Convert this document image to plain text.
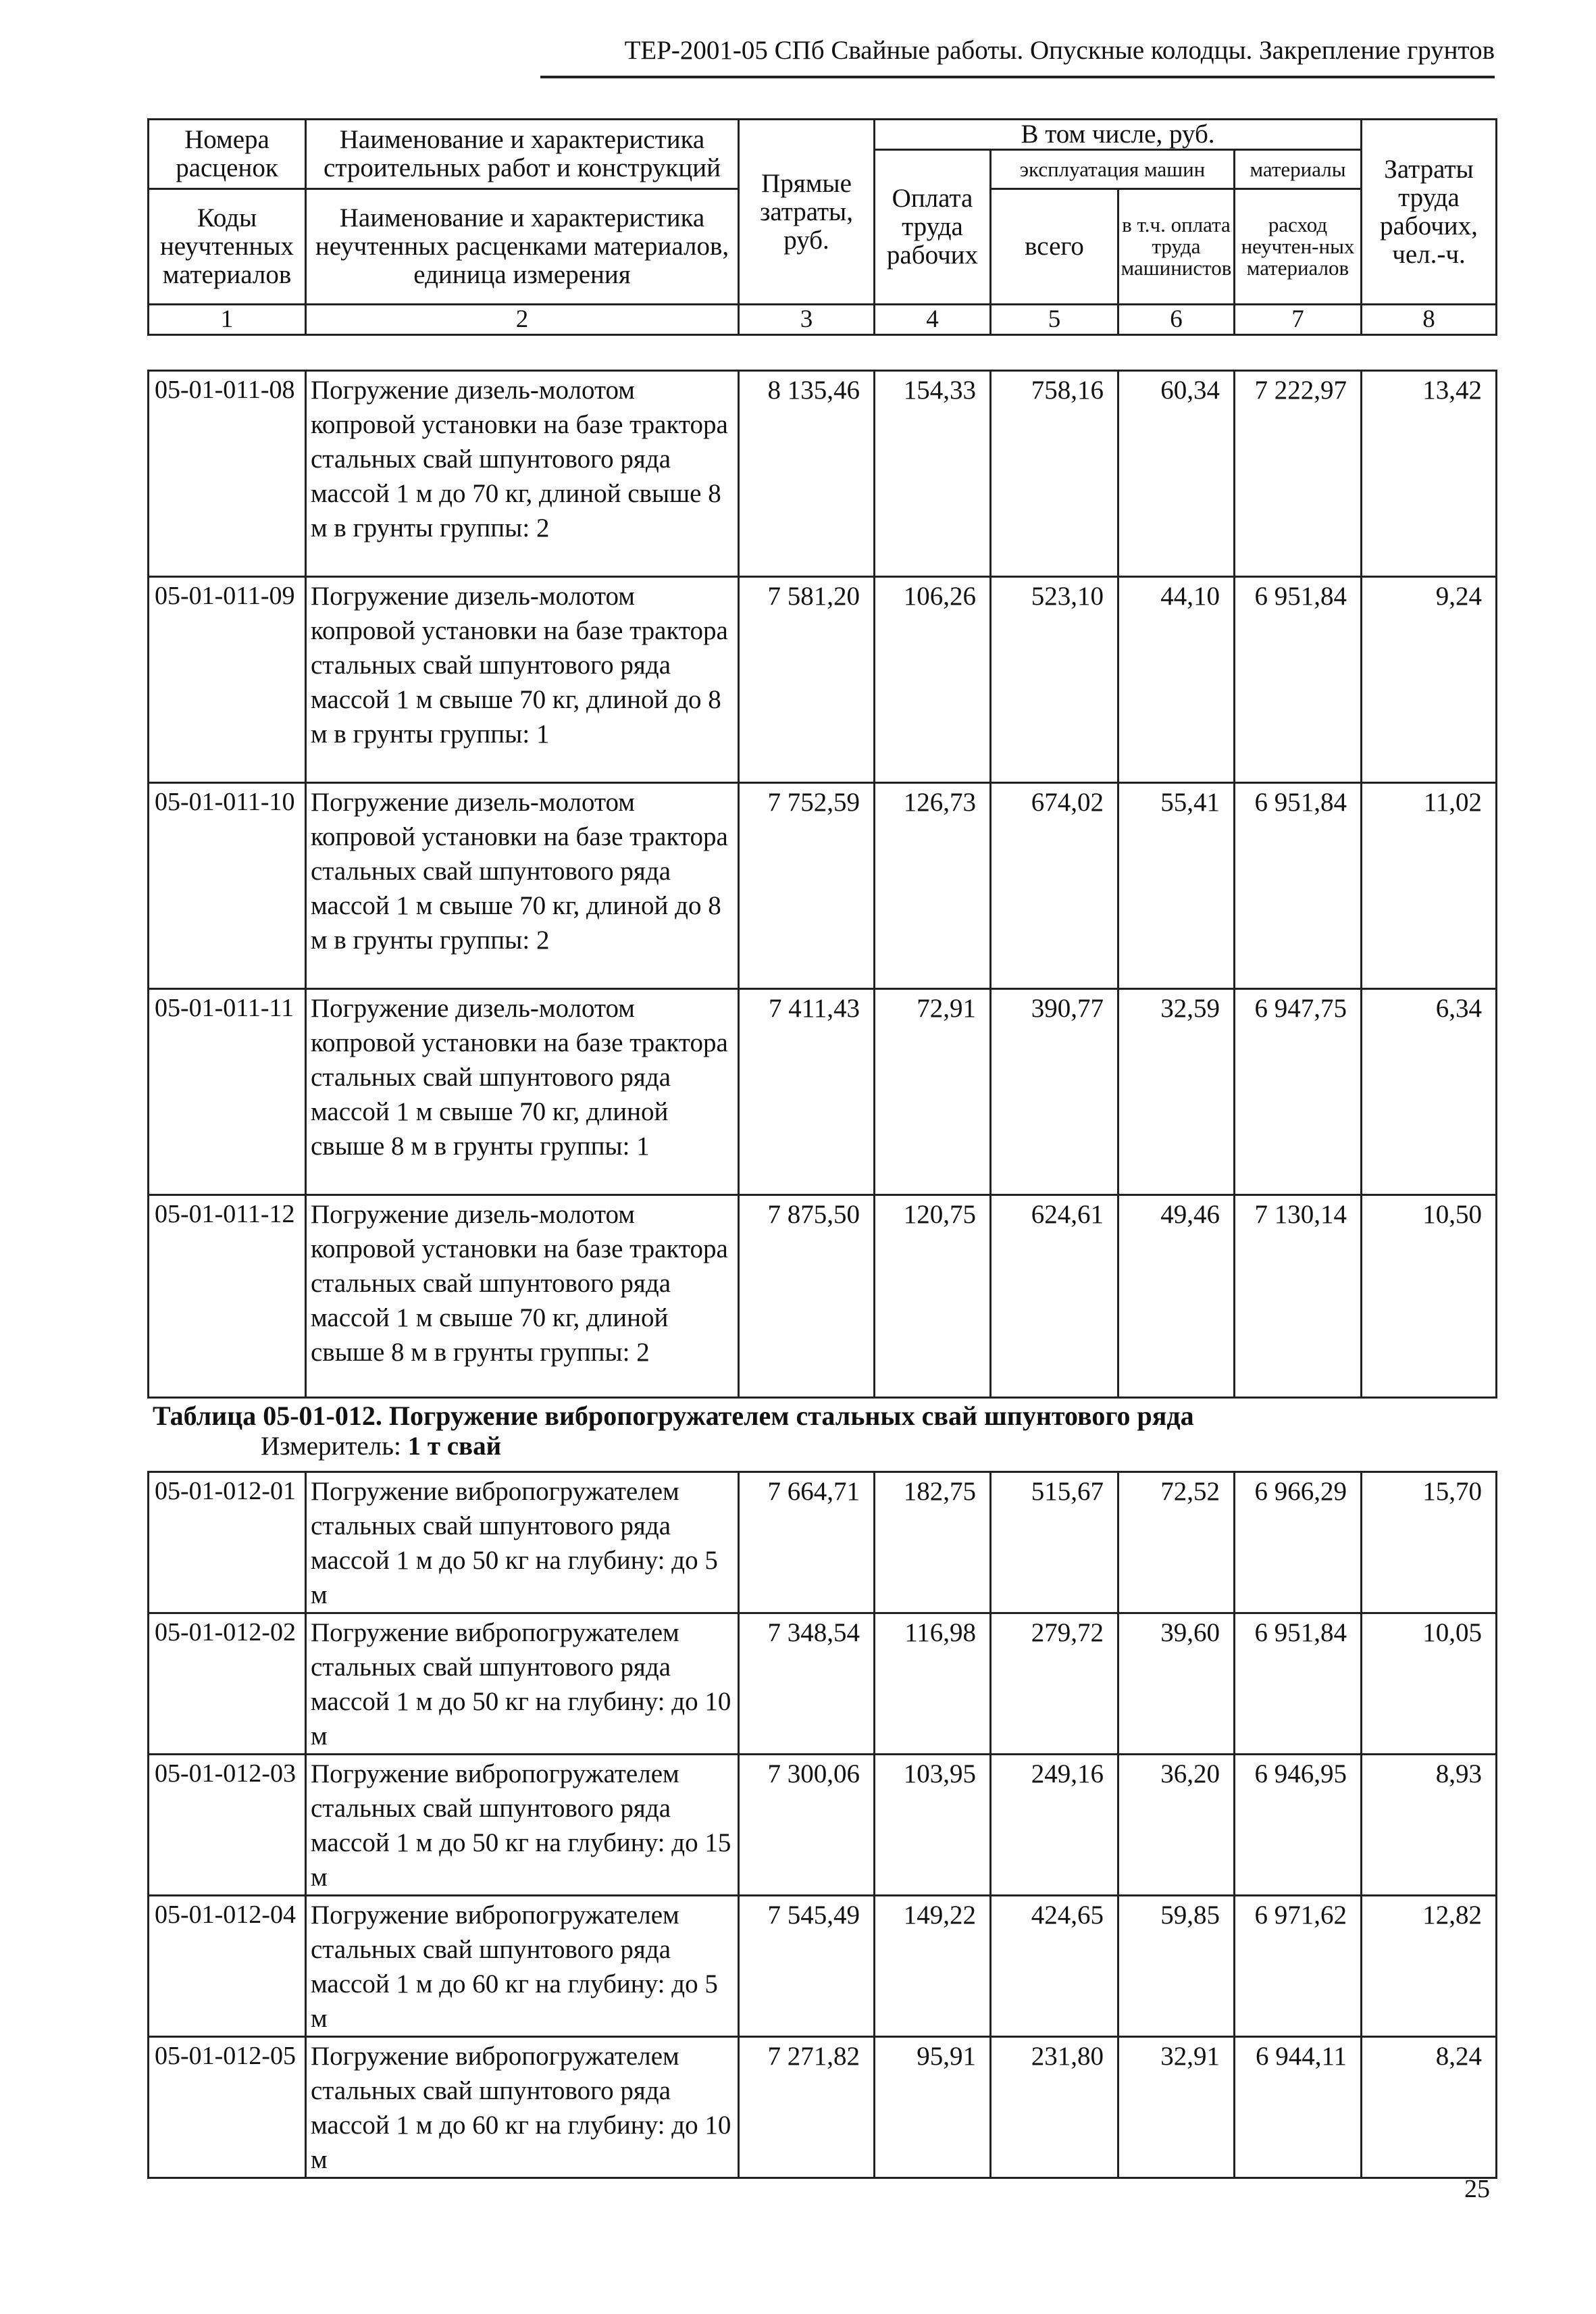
ТЕР-2001-05 СПб Свайные работы. Опускные колодцы. Закрепление грунтов
Номера расценок	Наименование и характеристика строительных работ и конструкций	Прямые затраты, руб.	В том числе, руб.				Затраты труда рабочих, чел.-ч.
			Оплата труда рабочих	эксплуатация машин		материалы	
Коды неучтенных материалов	Наименование и характеристика неучтенных расценками материалов, единица измерения			всего	в т.ч. оплата труда машинистов	расход неучтен-ных материалов	

1	2	3	4	5	6	7	8
05-01-011-08	Погружение дизель-молотом копровой установки на базе трактора стальных свай шпунтового ряда массой 1 м до 70 кг, длиной свыше 8 м в грунты группы: 2	8 135,46	154,33	758,16	60,34	7 222,97	13,42
05-01-011-09	Погружение дизель-молотом копровой установки на базе трактора стальных свай шпунтового ряда массой 1 м свыше 70 кг, длиной до 8 м в грунты группы: 1	7 581,20	106,26	523,10	44,10	6 951,84	9,24
05-01-011-10	Погружение дизель-молотом копровой установки на базе трактора стальных свай шпунтового ряда массой 1 м свыше 70 кг, длиной до 8 м в грунты группы: 2	7 752,59	126,73	674,02	55,41	6 951,84	11,02
05-01-011-11	Погружение дизель-молотом копровой установки на базе трактора стальных свай шпунтового ряда массой 1 м свыше 70 кг, длиной свыше 8 м в грунты группы: 1	7 411,43	72,91	390,77	32,59	6 947,75	6,34
05-01-011-12	Погружение дизель-молотом копровой установки на базе трактора стальных свай шпунтового ряда массой 1 м свыше 70 кг, длиной свыше 8 м в грунты группы: 2	7 875,50	120,75	624,61	49,46	7 130,14	10,50
Таблица 05-01-012. Погружение вибропогружателем стальных свай шпунтового ряда
Измеритель: 1 т свай
05-01-012-01	Погружение вибропогружателем стальных свай шпунтового ряда массой 1 м до 50 кг на глубину: до 5 м	7 664,71	182,75	515,67	72,52	6 966,29	15,70
05-01-012-02	Погружение вибропогружателем стальных свай шпунтового ряда массой 1 м до 50 кг на глубину: до 10 м	7 348,54	116,98	279,72	39,60	6 951,84	10,05
05-01-012-03	Погружение вибропогружателем стальных свай шпунтового ряда массой 1 м до 50 кг на глубину: до 15 м	7 300,06	103,95	249,16	36,20	6 946,95	8,93
05-01-012-04	Погружение вибропогружателем стальных свай шпунтового ряда массой 1 м до 60 кг на глубину: до 5 м	7 545,49	149,22	424,65	59,85	6 971,62	12,82
05-01-012-05	Погружение вибропогружателем стальных свай шпунтового ряда массой 1 м до 60 кг на глубину: до 10 м	7 271,82	95,91	231,80	32,91	6 944,11	8,24
25
